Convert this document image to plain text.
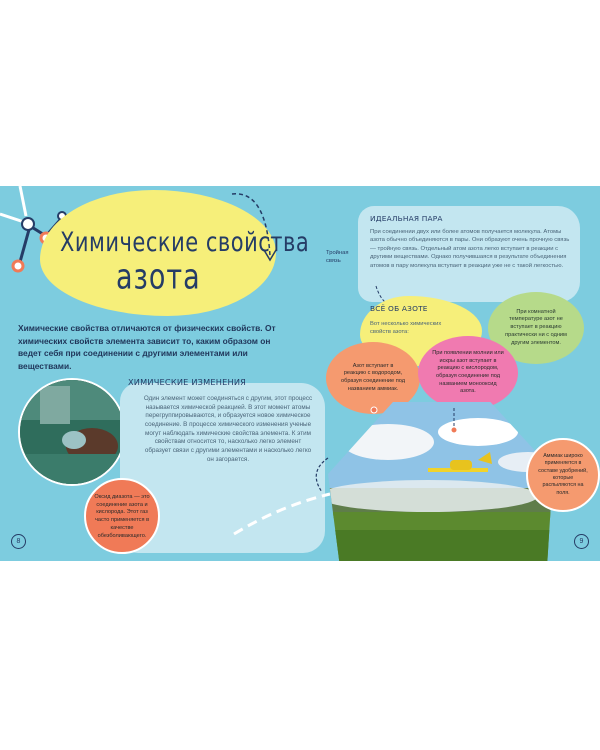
Химические свойства
азота
Химические свойства отличаются от физических свойств. От химических свойств элемента зависит то, каким образом он ведет себя при соединении с другими элементами или веществами.
ХИМИЧЕСКИЕ ИЗМЕНЕНИЯ
Один элемент может соединяться с другим, этот процесс называется химической реакцией. В этот момент атомы перегруппировываются, и образуется новое химическое соединение. В процессе химического изменения ученые могут наблюдать химические свойства элемента. К этим свойствам относится то, насколько легко элемент образует связи с другими элементами и насколько легко он загорается.
Оксид диазота — это соединение азота и кислорода. Этот газ часто применяется в качестве обезболивающего.
8
Тройная связь
ИДЕАЛЬНАЯ ПАРА
При соединении двух или более атомов получается молекула. Атомы азота обычно объединяются в пары. Они образуют очень прочную связь — тройную связь. Отдельный атом азота легко вступает в реакции с другими веществами. Однако получившаяся в результате объединения атомов в пару молекула вступает в реакции уже не с такой легкостью.
ВСЁ ОБ АЗОТЕ
Вот несколько химических свойств азота:
При комнатной температуре азот не вступает в реакцию практически ни с одним другим элементом.
Азот вступает в реакцию с водородом, образуя соединение под названием аммиак.
При появлении молнии или искры азот вступает в реакцию с кислородом, образуя соединение под названием монооксид азота.
Аммиак широко применяется в составе удобрений, которые распыляются на поля.
9
